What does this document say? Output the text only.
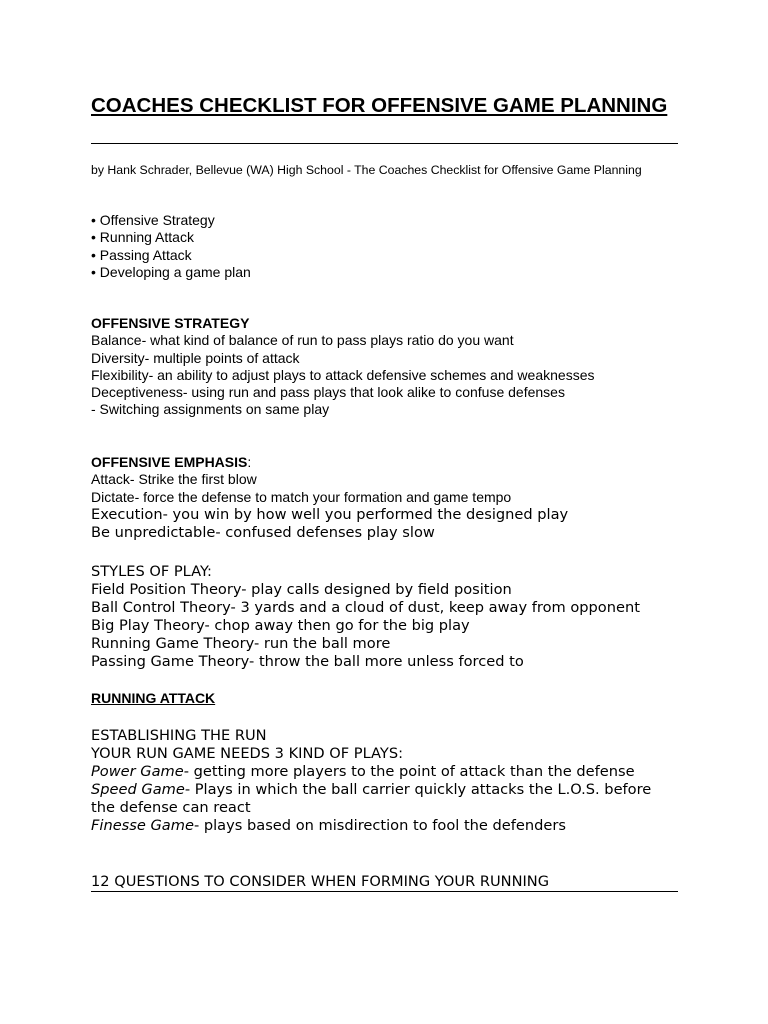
COACHES CHECKLIST FOR OFFENSIVE GAME PLANNING
by Hank Schrader, Bellevue (WA) High School - The Coaches Checklist for Offensive Game Planning
• Offensive Strategy
• Running Attack
• Passing Attack
• Developing a game plan
OFFENSIVE STRATEGY
Balance- what kind of balance of run to pass plays ratio do you want
Diversity- multiple points of attack
Flexibility- an ability to adjust plays to attack defensive schemes and weaknesses
Deceptiveness- using run and pass plays that look alike to confuse defenses
- Switching assignments on same play
OFFENSIVE EMPHASIS:
Attack- Strike the first blow
Dictate- force the defense to match your formation and game tempo
Execution- you win by how well you performed the designed play
Be unpredictable- confused defenses play slow
STYLES OF PLAY:
Field Position Theory- play calls designed by field position
Ball Control Theory- 3 yards and a cloud of dust, keep away from opponent
Big Play Theory- chop away then go for the big play
Running Game Theory- run the ball more
Passing Game Theory- throw the ball more unless forced to
RUNNING ATTACK
ESTABLISHING THE RUN
YOUR RUN GAME NEEDS 3 KIND OF PLAYS:
Power Game- getting more players to the point of attack than the defense
Speed Game- Plays in which the ball carrier quickly attacks the L.O.S. before
the defense can react
Finesse Game- plays based on misdirection to fool the defenders
12 QUESTIONS TO CONSIDER WHEN FORMING YOUR RUNNING
